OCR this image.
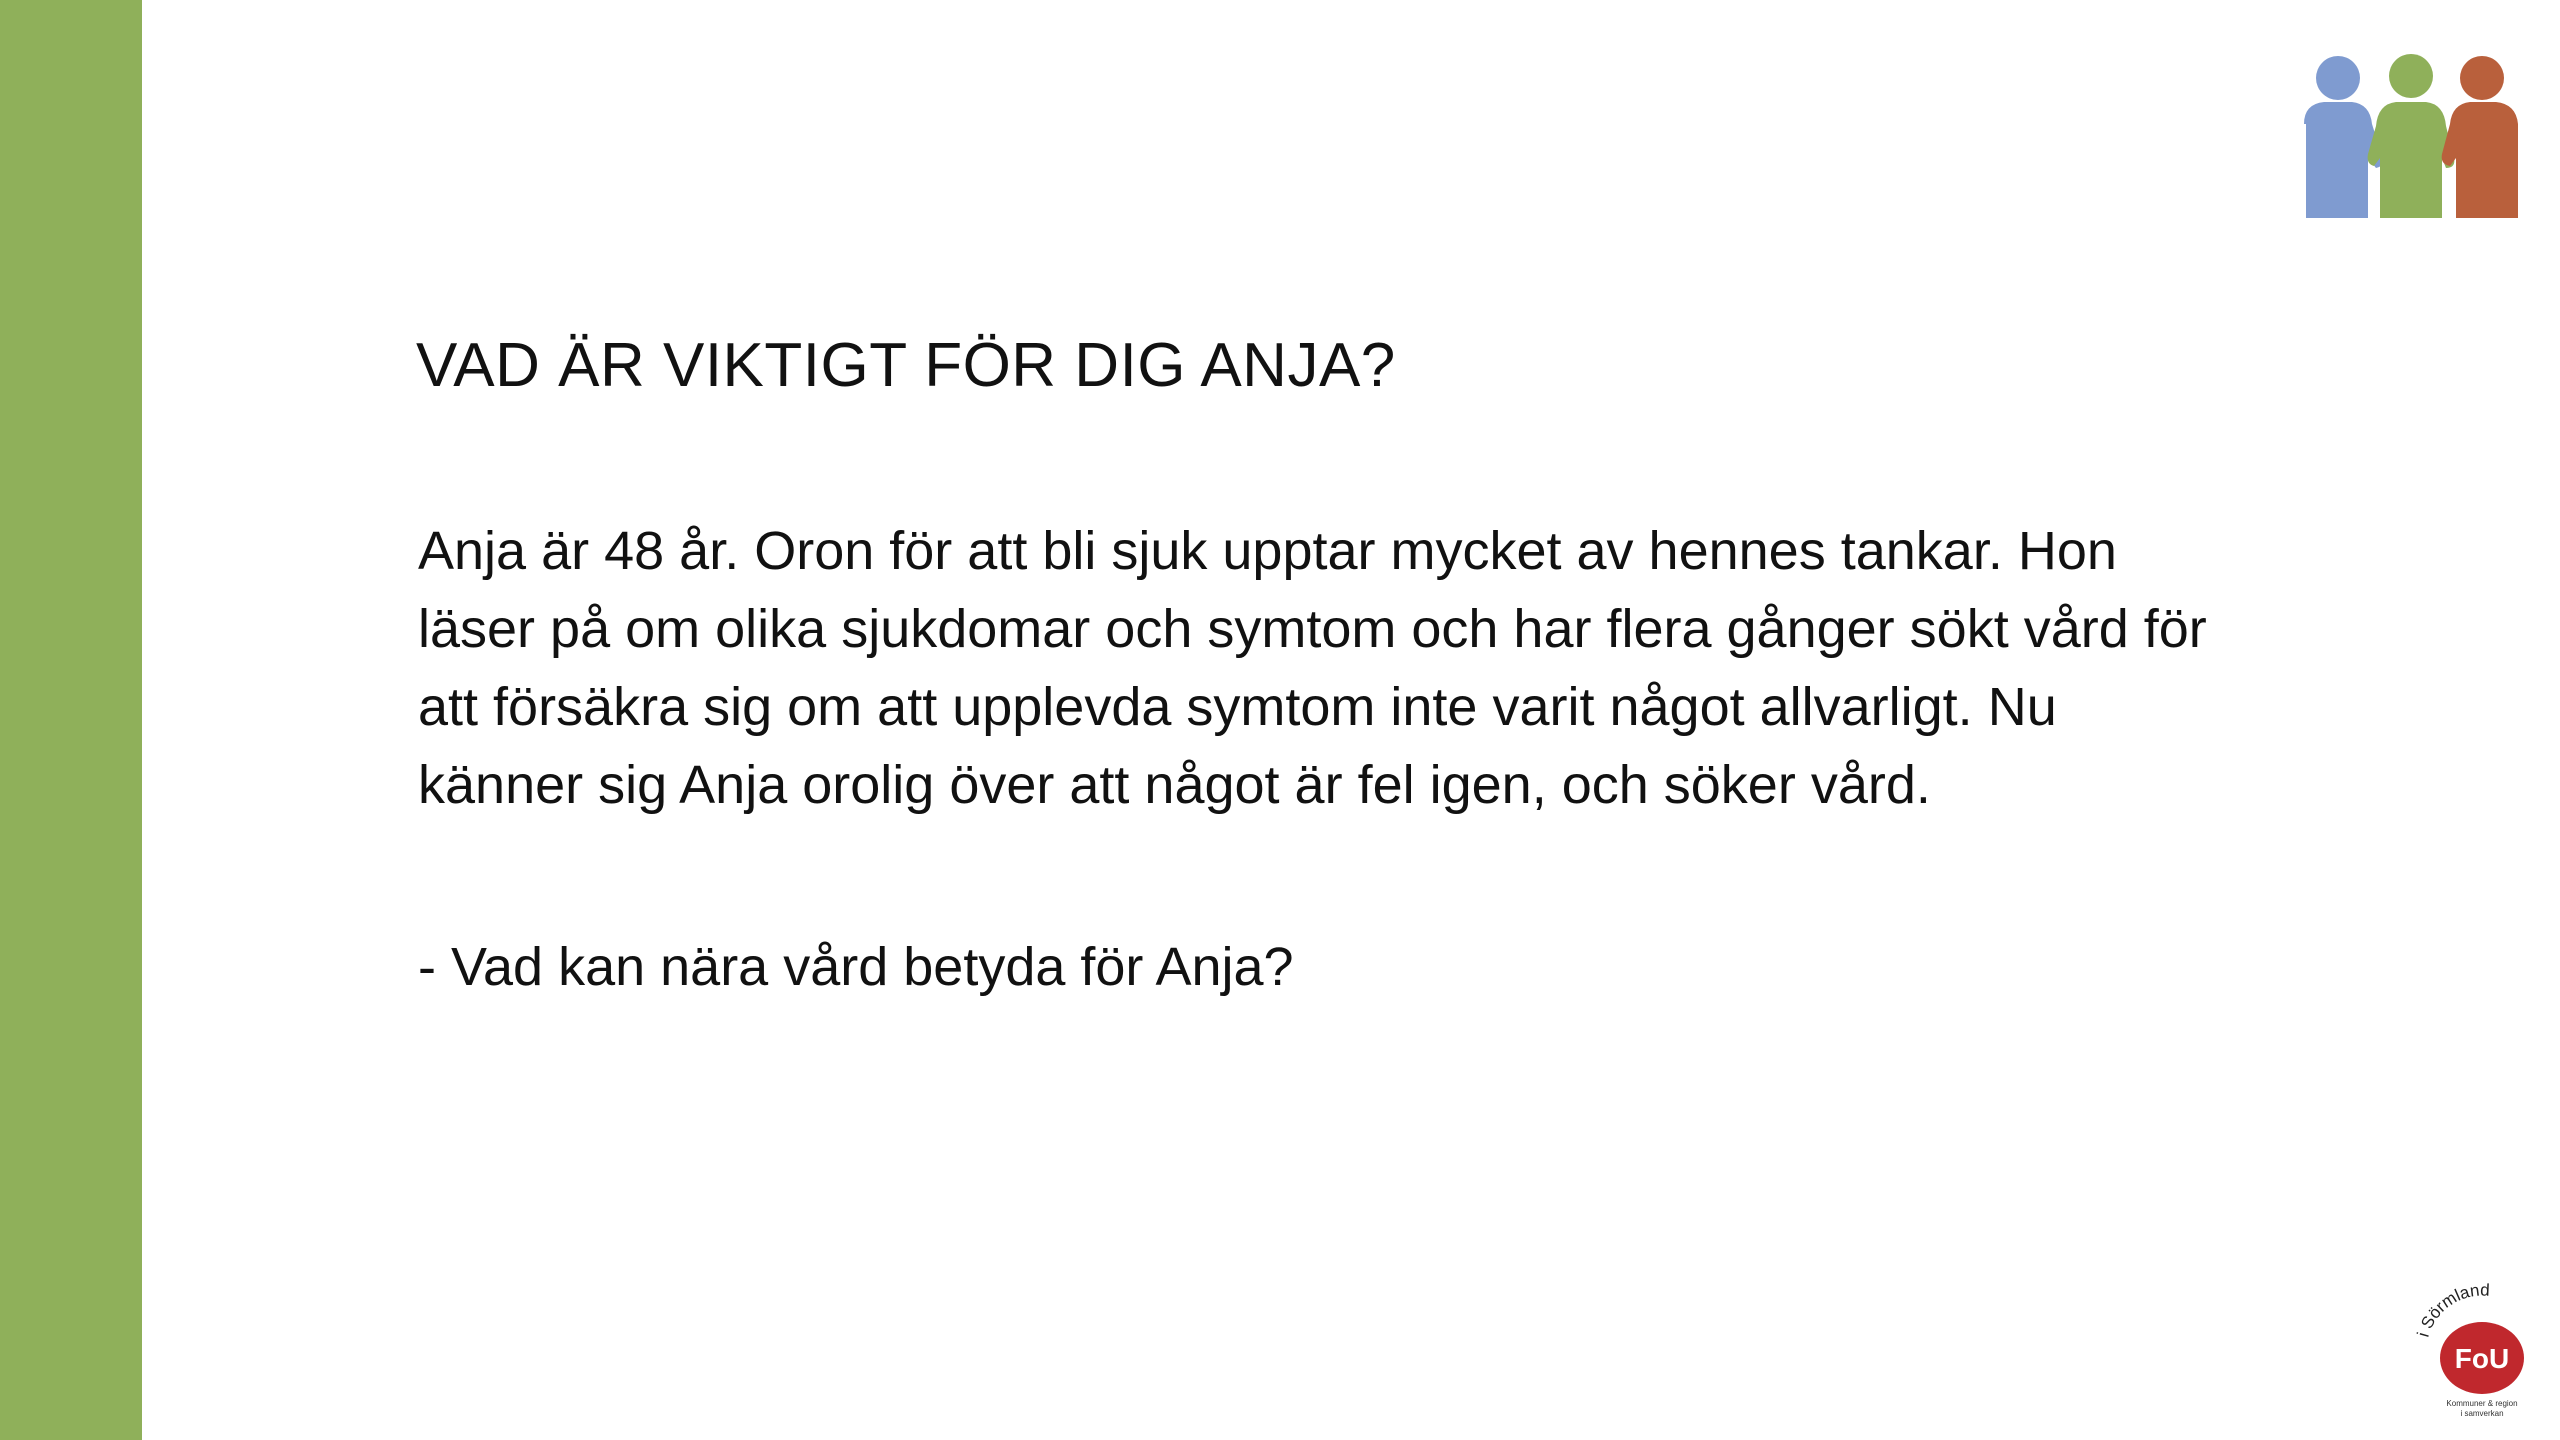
VAD ÄR VIKTIGT FÖR DIG ANJA?

Anja är 48 år. Oron för att bli sjuk upptar mycket av hennes tankar. Hon läser på om olika sjukdomar och symtom och har flera gånger sökt vård för att försäkra sig om att upplevda symtom inte varit något allvarligt. Nu känner sig Anja orolig över att något är fel igen, och söker vård.

- Vad kan nära vård betyda för Anja?

i Sörmland
FoU
Kommuner & region
i samverkan
